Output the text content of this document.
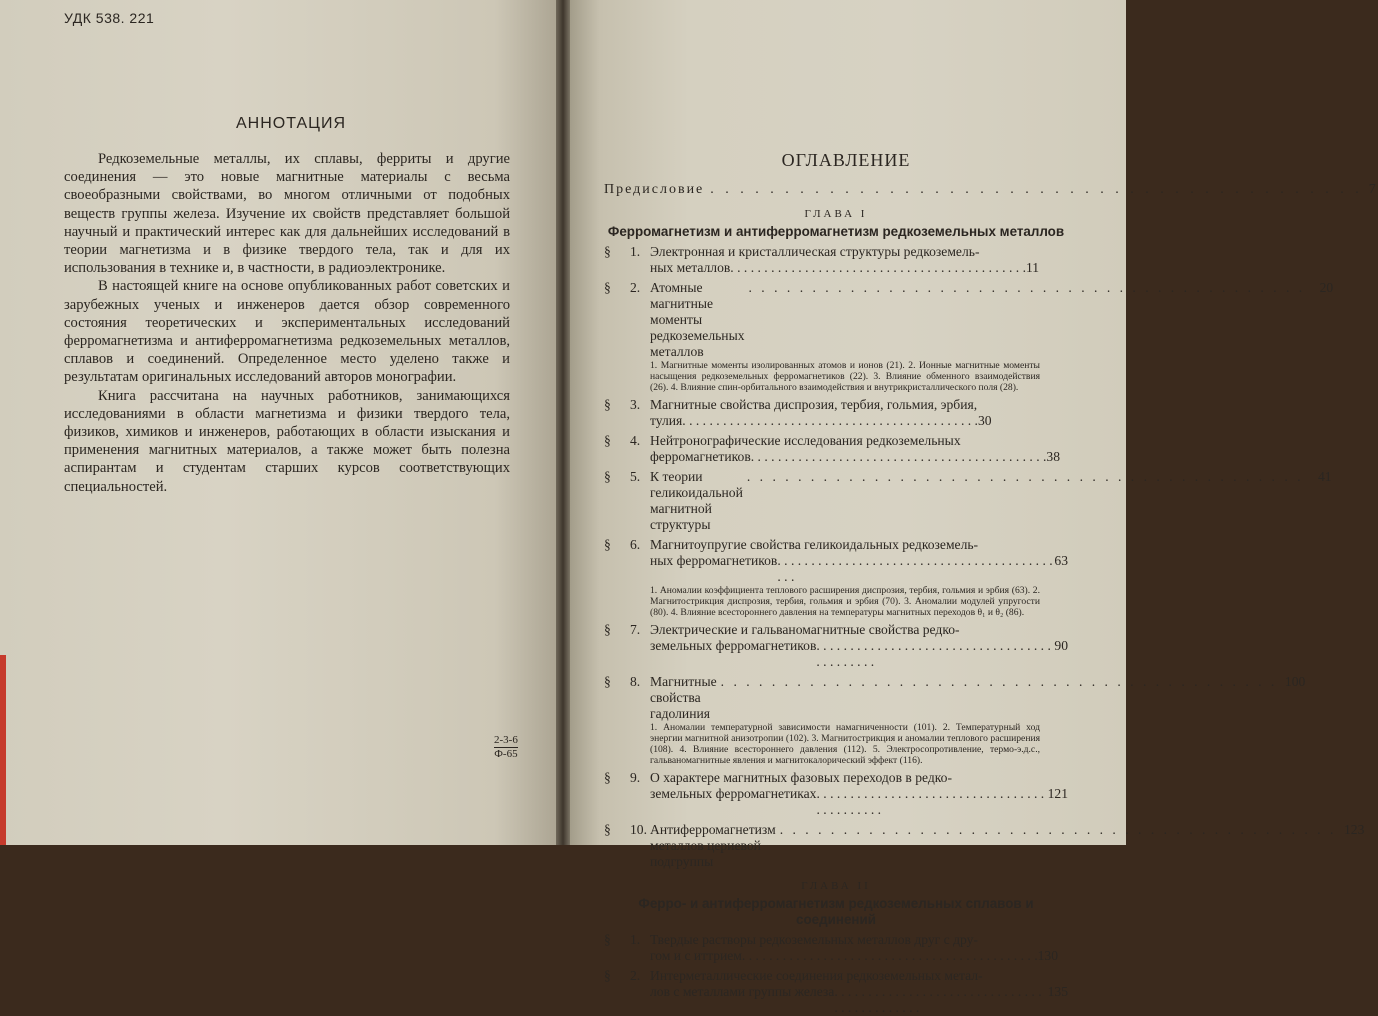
УДК 538. 221
АННОТАЦИЯ

Редкоземельные металлы, их сплавы, ферриты и другие соединения — это новые магнитные материалы с весьма своеобразными свойствами, во многом отличными от подобных веществ группы железа. Изучение их свойств представляет большой научный и практический интерес как для дальнейших исследований в теории магнетизма и в физике твердого тела, так и для их использования в технике и, в частности, в радиоэлектронике.

В настоящей книге на основе опубликованных работ советских и зарубежных ученых и инженеров дается обзор современного состояния теоретических и экспериментальных исследований ферромагнетизма и антиферромагнетизма редкоземельных металлов, сплавов и соединений. Определенное место уделено также и результатам оригинальных исследований авторов монографии.

Книга рассчитана на научных работников, занимающихся исследованиями в области магнетизма и физики твердого тела, физиков, химиков и инженеров, работающих в области изыскания и применения магнитных материалов, а также может быть полезна аспирантам и студентам старших курсов соответствующих специальностей.

2-3-6
Ф-65
ОГЛАВЛЕНИЕ
Предисловие . . . . . . . . . . . . . . . . . . . . . . . . . . . . . . . . . . . . . . . . . . . . 7
ГЛАВА I
Ферромагнетизм и антиферромагнетизм редкоземельных металлов
§	1. Электронная и кристаллическая структуры редкоземель-
ных металлов . . . . . . . . . . . . . . . . . . . . . . . . . . . . . . . . . . . . . . . . . . . . 11
§	2. Атомные магнитные моменты редкоземельных металлов
. . . . . . . . . . . . . . . . . . . . . . . . . . . . . . . . . . . . . . . . . . . .	20
1. Магнитные моменты изолированных атомов и ионов (21). 2. Ионные магнитные моменты насыщения редкоземельных ферромагнетиков (22). 3. Влияние обменного взаимодействия (26). 4. Влияние спин-орбитального взаимодействия и внутрикристаллического поля (28).
§	3. Магнитные свойства диспрозия, тербия, гольмия, эрбия,
тулия . . . . . . . . . . . . . . . . . . . . . . . . . . . . . . . . . . . . . . . . . . . . 30
§	4. Нейтронографические исследования редкоземельных
ферромагнетиков . . . . . . . . . . . . . . . . . . . . . . . . . . . . . . . . . . . . . . . . . . . . 38
§	5. К теории геликоидальной магнитной структуры
. . . . . . . . . . . . . . . . . . . . . . . . . . . . . . . . . . . . . . . . . . . .	41
§	6. Магнитоупругие свойства геликоидальных редкоземель-
ных ферромагнетиков . . . . . . . . . . . . . . . . . . . . . . . . . . . . . . . . . . . . . . . . . . . .
63
1. Аномалии коэффициента теплового расширения диспрозия, тербия, гольмия и эрбия (63). 2. Магнитострикция диспрозия, тербия, гольмия и эрбия (70). 3. Аномалии модулей упругости (80). 4. Влияние всестороннего давления на температуры магнитных переходов θ₁ и θ₂ (86).
§	7. Электрические и гальваномагнитные свойства редко-
земельных ферромагнетиков . . . . . . . . . . . . . . . . . . . . . . . . . . . . . . . . . . . . . . . . . . . .
90
§	8. Магнитные свойства гадолиния
. . . . . . . . . . . . . . . . . . . . . . . . . . . . . . . . . . . . . . . . . . . . 100
1. Аномалии температурной зависимости намагниченности (101). 2. Температурный ход энергии магнитной анизотропии (102). 3. Магнитострикция и аномалии теплового расширения (108). 4. Влияние всестороннего давления (112). 5. Электросопротивление, термо-э.д.с., гальваномагнитные явления и магнитокалорический эффект (116).
§	9. О характере магнитных фазовых переходов в редко-
земельных ферромагнетиках . . . . . . . . . . . . . . . . . . . . . . . . . . . . . . . . . . . . . . . . . . . .
121
§	10. Антиферромагнетизм металлов цериевой подгруппы
. . . . . . . . . . . . . . . . . . . . . . . . . . . . . . . . . . . . . . . . . . . . 123
ГЛАВА II
Ферро- и антиферромагнетизм редкоземельных сплавов и соединений
§	1. Твердые растворы редкоземельных металлов друг с дру-
гом и с иттрием . . . . . . . . . . . . . . . . . . . . . . . . . . . . . . . . . . . . . . . . . . . . 130
§	2. Интерметаллические соединения редкоземельных метал-
лов с металлами группы железа . . . . . . . . . . . . . . . . . . . . . . . . . . . . . . . . . . . . . . . . . . . .
135
